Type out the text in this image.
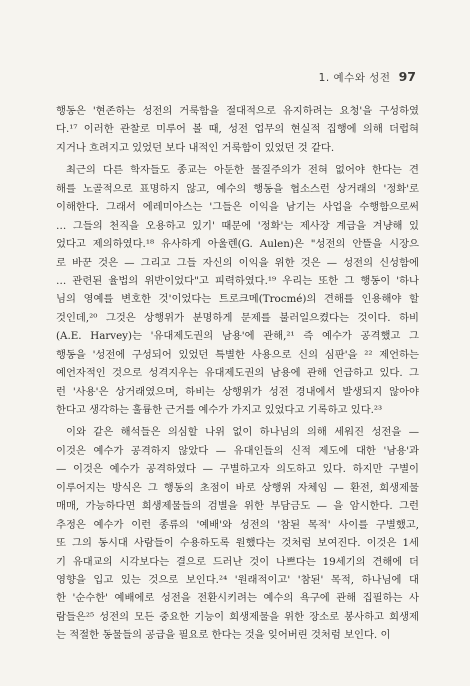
1. 예수와 성전 97
행동은 '현존하는 성전의 거룩함을 절대적으로 유지하려는 요청'을 구성하였
다.¹⁷ 이러한 관찰로 미루어 볼 때, 성전 업무의 현실적 집행에 의해 더럽혀
지거나 흐려지고 있었던 보다 내적인 거룩함이 있었던 것 같다.
최근의 다른 학자들도 종교는 아둔한 물질주의가 전혀 없어야 한다는 견
해를 노골적으로 표명하지 않고, 예수의 행동을 협소스런 상거래의 '정화'로
이해한다. 그래서 에레미아스는 '그들은 이익을 남기는 사업을 수행함으로써
… 그들의 천직을 오용하고 있기' 때문에 '정화'는 제사장 계급을 겨냥해 있
었다고 제의하였다.¹⁸ 유사하게 아울렌(G. Aulen)은 "성전의 안뜰을 시장으
로 바꾼 것은 — 그리고 그들 자신의 이익을 위한 것은 — 성전의 신성함에
… 관련된 율법의 위반이었다"고 피력하였다.¹⁹ 우리는 또한 그 행동이 '하나
님의 영예를 변호한 것'이었다는 트로크메(Trocmé)의 견해를 인용해야 할
것인데,²⁰ 그것은 상행위가 분명하게 문제를 불러일으켰다는 것이다. 하비
(A.E. Harvey)는 '유대제도권의 남용'에 관해,²¹ 즉 예수가 공격했고 그
행동을 '성전에 구성되어 있었던 특별한 사용으로 신의 심판'을 ²² 제언하는
예언자적인 것으로 성격지우는 유대제도권의 남용에 관해 언급하고 있다. 그
런 '사용'은 상거래였으며, 하비는 상행위가 성전 경내에서 발생되지 않아야
한다고 생각하는 훌륭한 근거를 예수가 가지고 있었다고 기록하고 있다.²³
이와 같은 해석들은 의심할 나위 없이 하나님의 의해 세워진 성전을 —
이것은 예수가 공격하지 않았다 — 유대인들의 신적 제도에 대한 '남용'과
— 이것은 예수가 공격하였다 — 구별하고자 의도하고 있다. 하지만 구별이
이루어지는 방식은 그 행동의 초점이 바로 상행위 자체임 — 환전, 희생제물
매매, 가능하다면 희생제물들의 검별을 위한 부담금도 — 을 암시한다. 그런
추정은 예수가 이런 종류의 '예배'와 성전의 '참된 목적' 사이를 구별했고,
또 그의 동시대 사람들이 수용하도록 원했다는 것처럼 보여진다. 이것은 1세
기 유대교의 시각보다는 결으로 드러난 것이 나쁘다는 19세기의 견해에 더
영향을 입고 있는 것으로 보인다.²⁴ '원래적이고' '참된' 목적, 하나님에 대
한 '순수한' 예배에로 성전을 전환시키려는 예수의 욕구에 관해 집필하는 사
람들은²⁵ 성전의 모든 중요한 기능이 희생제물을 위한 장소로 봉사하고 희생제
는 적절한 동물들의 공급을 필요로 한다는 것을 잊어버린 것처럼 보인다. 이
